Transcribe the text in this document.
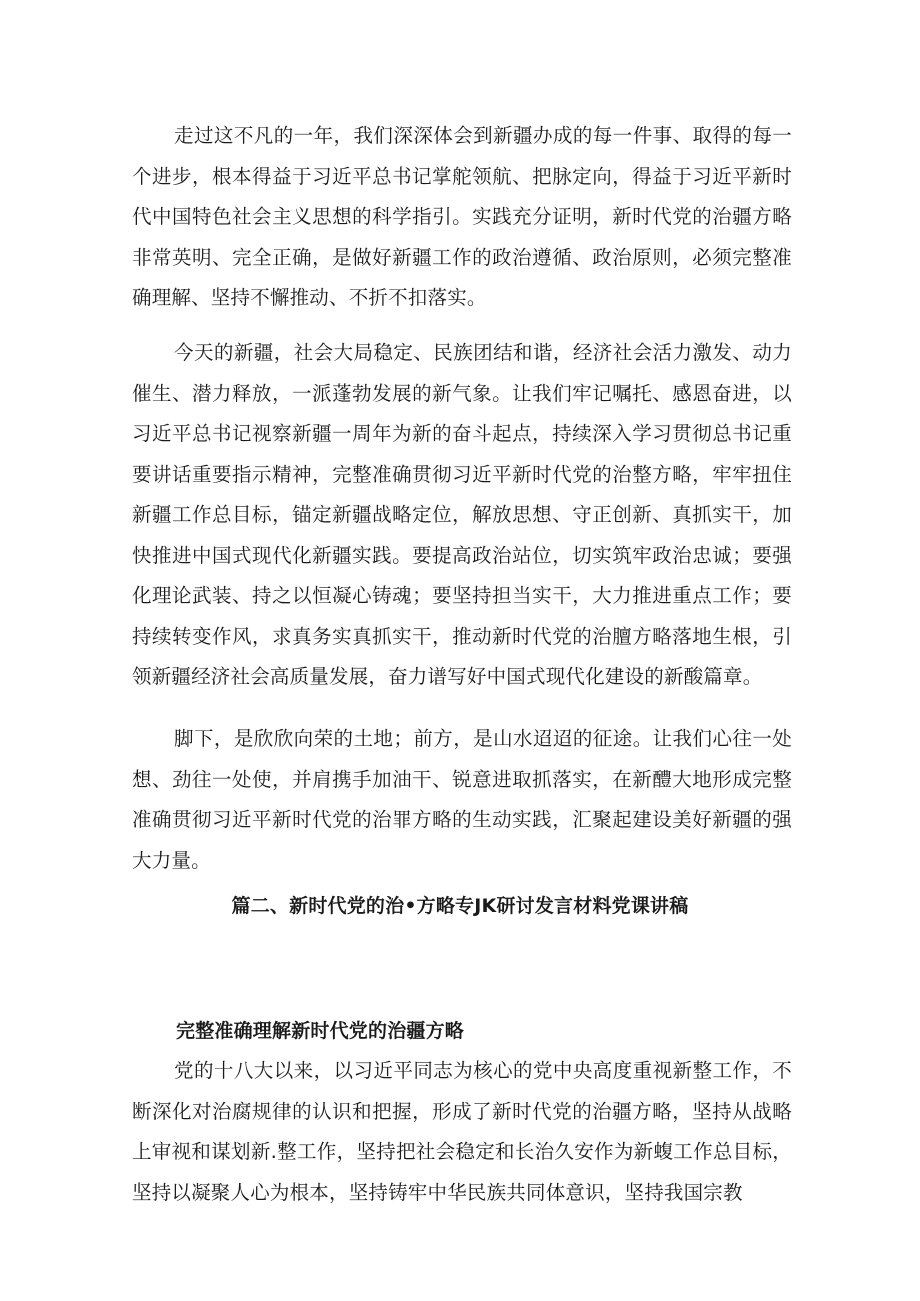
走过这不凡的一年，我们深深体会到新疆办成的每一件事、取得的每一个进步，根本得益于习近平总书记掌舵领航、把脉定向，得益于习近平新时代中国特色社会主义思想的科学指引。实践充分证明，新时代党的治疆方略非常英明、完全正确，是做好新疆工作的政治遵循、政治原则，必须完整准确理解、坚持不懈推动、不折不扣落实。

今天的新疆，社会大局稳定、民族团结和谐，经济社会活力激发、动力催生、潜力释放，一派蓬勃发展的新气象。让我们牢记嘱托、感恩奋进，以习近平总书记视察新疆一周年为新的奋斗起点，持续深入学习贯彻总书记重要讲话重要指示精神，完整准确贯彻习近平新时代党的治整方略，牢牢扭住新疆工作总目标，锚定新疆战略定位，解放思想、守正创新、真抓实干，加快推进中国式现代化新疆实践。要提高政治站位，切实筑牢政治忠诚；要强化理论武装、持之以恒凝心铸魂；要坚持担当实干，大力推进重点工作；要持续转变作风，求真务实真抓实干，推动新时代党的治膻方略落地生根，引领新疆经济社会高质量发展，奋力谱写好中国式现代化建设的新酸篇章。

脚下，是欣欣向荣的土地；前方，是山水迢迢的征途。让我们心往一处想、劲往一处使，并肩携手加油干、锐意进取抓落实，在新醴大地形成完整准确贯彻习近平新时代党的治罪方略的生动实践，汇聚起建设美好新疆的强大力量。

篇二、新时代党的治•方略专JK研讨发言材料党课讲稿
完整准确理解新时代党的治疆方略

党的十八大以来，以习近平同志为核心的党中央高度重视新整工作，不断深化对治腐规律的认识和把握，形成了新时代党的治疆方略，坚持从战略上审视和谋划新.整工作，坚持把社会稳定和长治久安作为新蝮工作总目标，坚持以凝聚人心为根本，坚持铸牢中华民族共同体意识，坚持我国宗教
